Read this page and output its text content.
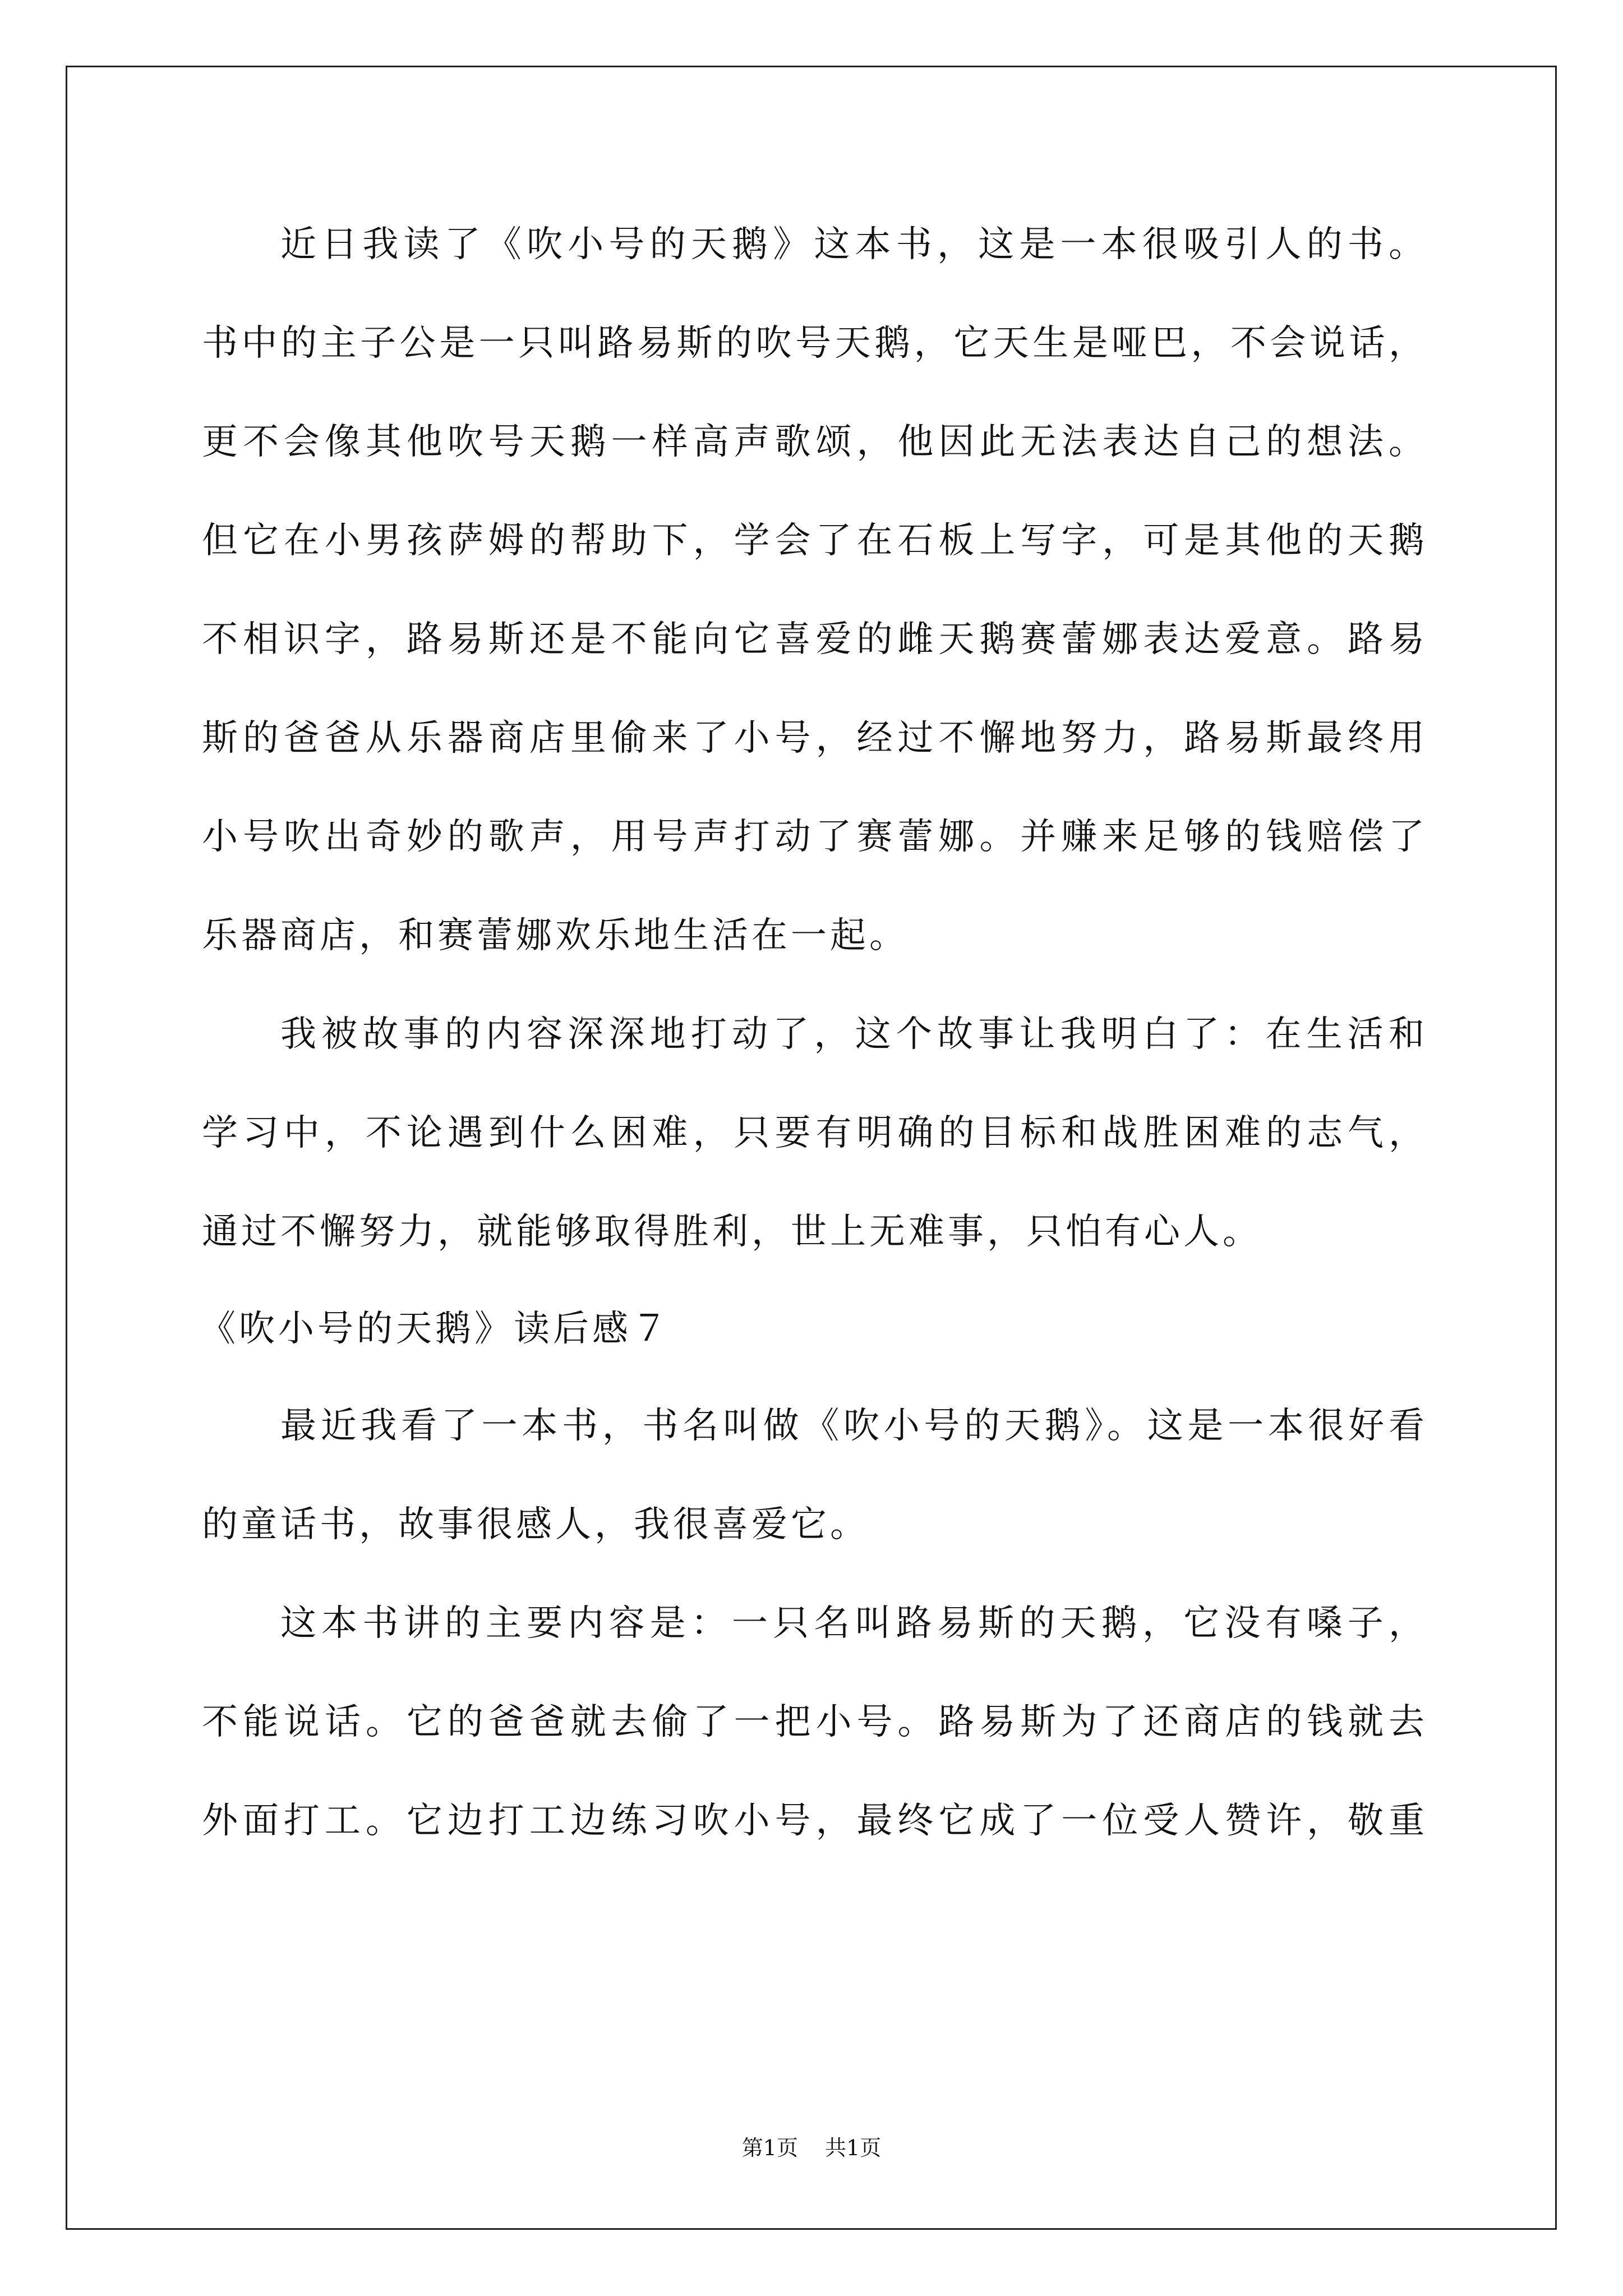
近日我读了《吹小号的天鹅》这本书，这是一本很吸引人的书。
书中的主子公是一只叫路易斯的吹号天鹅，它天生是哑巴，不会说话，
更不会像其他吹号天鹅一样高声歌颂，他因此无法表达自己的想法。
但它在小男孩萨姆的帮助下，学会了在石板上写字，可是其他的天鹅
不相识字，路易斯还是不能向它喜爱的雌天鹅赛蕾娜表达爱意。路易
斯的爸爸从乐器商店里偷来了小号，经过不懈地努力，路易斯最终用
小号吹出奇妙的歌声，用号声打动了赛蕾娜。并赚来足够的钱赔偿了
乐器商店，和赛蕾娜欢乐地生活在一起。
我被故事的内容深深地打动了，这个故事让我明白了：在生活和
学习中，不论遇到什么困难，只要有明确的目标和战胜困难的志气，
通过不懈努力，就能够取得胜利，世上无难事，只怕有心人。
《吹小号的天鹅》读后感７
最近我看了一本书，书名叫做《吹小号的天鹅》。这是一本很好看
的童话书，故事很感人，我很喜爱它。
这本书讲的主要内容是：一只名叫路易斯的天鹅，它没有嗓子，
不能说话。它的爸爸就去偷了一把小号。路易斯为了还商店的钱就去
外面打工。它边打工边练习吹小号，最终它成了一位受人赞许，敬重
第1页 共1页
